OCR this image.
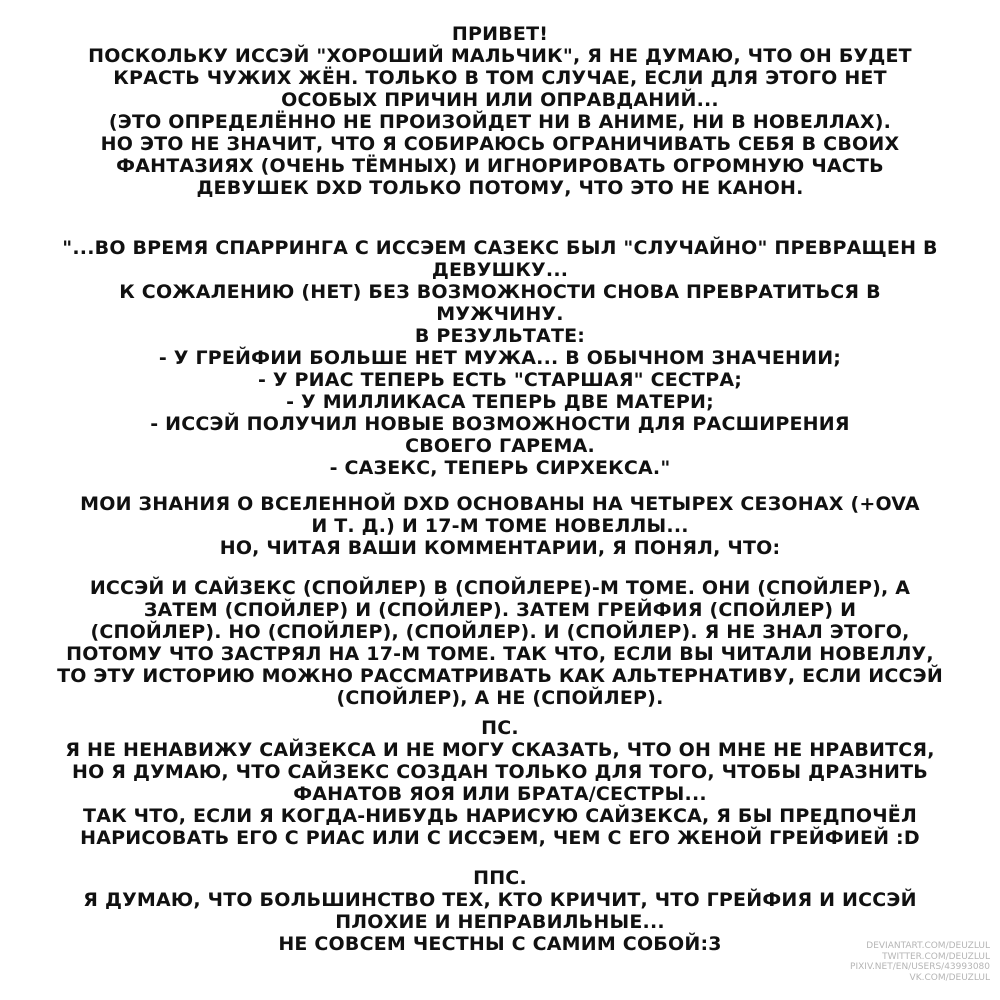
ПРИВЕТ!
ПОСКОЛЬКУ ИССЭЙ "ХОРОШИЙ МАЛЬЧИК", Я НЕ ДУМАЮ, ЧТО ОН БУДЕТ
КРАСТЬ ЧУЖИХ ЖЁН. ТОЛЬКО В ТОМ СЛУЧАЕ, ЕСЛИ ДЛЯ ЭТОГО НЕТ
ОСОБЫХ ПРИЧИН ИЛИ ОПРАВДАНИЙ...
(ЭТО ОПРЕДЕЛЁННО НЕ ПРОИЗОЙДЕТ НИ В АНИМЕ, НИ В НОВЕЛЛАХ).
НО ЭТО НЕ ЗНАЧИТ, ЧТО Я СОБИРАЮСЬ ОГРАНИЧИВАТЬ СЕБЯ В СВОИХ
ФАНТАЗИЯХ (ОЧЕНЬ ТЁМНЫХ) И ИГНОРИРОВАТЬ ОГРОМНУЮ ЧАСТЬ
ДЕВУШЕК DXD ТОЛЬКО ПОТОМУ, ЧТО ЭТО НЕ КАНОН.
"...ВО ВРЕМЯ СПАРРИНГА С ИССЭЕМ САЗЕКС БЫЛ "СЛУЧАЙНО" ПРЕВРАЩЕН В
ДЕВУШКУ...
К СОЖАЛЕНИЮ (НЕТ) БЕЗ ВОЗМОЖНОСТИ СНОВА ПРЕВРАТИТЬСЯ В
МУЖЧИНУ.
В РЕЗУЛЬТАТЕ:
- У ГРЕЙФИИ БОЛЬШЕ НЕТ МУЖА... В ОБЫЧНОМ ЗНАЧЕНИИ;
- У РИАС ТЕПЕРЬ ЕСТЬ "СТАРШАЯ" СЕСТРА;
- У МИЛЛИКАСА ТЕПЕРЬ ДВЕ МАТЕРИ;
- ИССЭЙ ПОЛУЧИЛ НОВЫЕ ВОЗМОЖНОСТИ ДЛЯ РАСШИРЕНИЯ
СВОЕГО ГАРЕМА.
- САЗЕКС, ТЕПЕРЬ СИРХЕКСА."
МОИ ЗНАНИЯ О ВСЕЛЕННОЙ DXD ОСНОВАНЫ НА ЧЕТЫРЕХ СЕЗОНАХ (+OVA
И Т. Д.) И 17-М ТОМЕ НОВЕЛЛЫ...
НО, ЧИТАЯ ВАШИ КОММЕНТАРИИ, Я ПОНЯЛ, ЧТО:
ИССЭЙ И САЙЗЕКС (СПОЙЛЕР) В (СПОЙЛЕРЕ)-М ТОМЕ. ОНИ (СПОЙЛЕР), А
ЗАТЕМ (СПОЙЛЕР) И (СПОЙЛЕР). ЗАТЕМ ГРЕЙФИЯ (СПОЙЛЕР) И
(СПОЙЛЕР). НО (СПОЙЛЕР), (СПОЙЛЕР). И (СПОЙЛЕР). Я НЕ ЗНАЛ ЭТОГО,
ПОТОМУ ЧТО ЗАСТРЯЛ НА 17-М ТОМЕ. ТАК ЧТО, ЕСЛИ ВЫ ЧИТАЛИ НОВЕЛЛУ,
ТО ЭТУ ИСТОРИЮ МОЖНО РАССМАТРИВАТЬ КАК АЛЬТЕРНАТИВУ, ЕСЛИ ИССЭЙ
(СПОЙЛЕР), А НЕ (СПОЙЛЕР).
ПС.
Я НЕ НЕНАВИЖУ САЙЗЕКСА И НЕ МОГУ СКАЗАТЬ, ЧТО ОН МНЕ НЕ НРАВИТСЯ,
НО Я ДУМАЮ, ЧТО САЙЗЕКС СОЗДАН ТОЛЬКО ДЛЯ ТОГО, ЧТОБЫ ДРАЗНИТЬ
ФАНАТОВ ЯОЯ ИЛИ БРАТА/СЕСТРЫ...
ТАК ЧТО, ЕСЛИ Я КОГДА-НИБУДЬ НАРИСУЮ САЙЗЕКСА, Я БЫ ПРЕДПОЧЁЛ
НАРИСОВАТЬ ЕГО С РИАС ИЛИ С ИССЭЕМ, ЧЕМ С ЕГО ЖЕНОЙ ГРЕЙФИЕЙ :D
ППС.
Я ДУМАЮ, ЧТО БОЛЬШИНСТВО ТЕХ, КТО КРИЧИТ, ЧТО ГРЕЙФИЯ И ИССЭЙ
ПЛОХИЕ И НЕПРАВИЛЬНЫЕ...
НЕ СОВСЕМ ЧЕСТНЫ С САМИМ СОБОЙ:3	DEVIANTART.COM/DEUZLUL
TWITTER.COM/DEUZLUL
PIXIV.NET/EN/USERS/43993080
VK.COM/DEUZLUL
